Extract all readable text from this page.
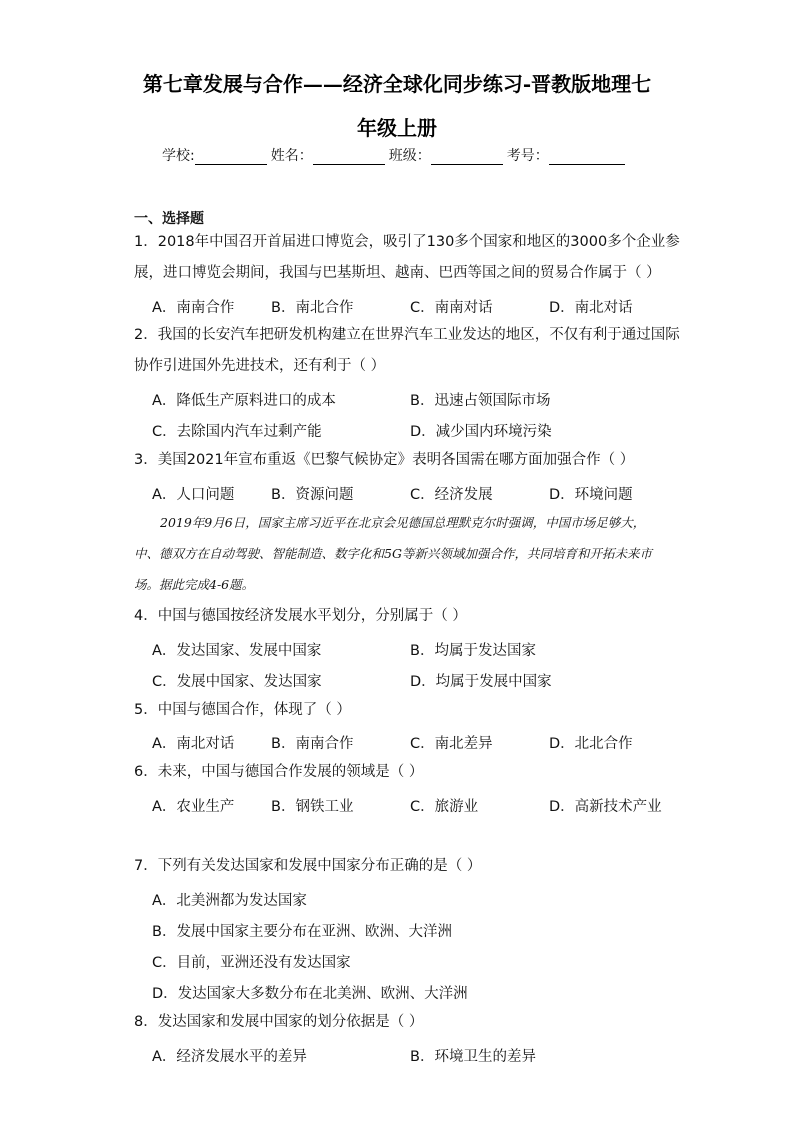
第七章发展与合作——经济全球化同步练习-晋教版地理七
年级上册
学校:	姓名：	班级：	考号：
一、选择题
1．2018年中国召开首届进口博览会，吸引了130多个国家和地区的3000多个企业参
展，进口博览会期间，我国与巴基斯坦、越南、巴西等国之间的贸易合作属于（ ）
A．南南合作	B．南北合作	C．南南对话	D．南北对话
2．我国的长安汽车把研发机构建立在世界汽车工业发达的地区，不仅有利于通过国际
协作引进国外先进技术，还有利于（ ）
A．降低生产原料进口的成本	B．迅速占领国际市场
C．去除国内汽车过剩产能	D．减少国内环境污染
3．美国2021年宣布重返《巴黎气候协定》表明各国需在哪方面加强合作（ ）
A．人口问题	B．资源问题	C．经济发展	D．环境问题
2019年9月6日，国家主席习近平在北京会见德国总理默克尔时强调，中国市场足够大，中、德双方在自动驾驶、智能制造、数字化和5G等新兴领域加强合作，共同培育和开拓未来市场。据此完成4-6题。
4．中国与德国按经济发展水平划分，分别属于（ ）
A．发达国家、发展中国家	B．均属于发达国家
C．发展中国家、发达国家	D．均属于发展中国家
5．中国与德国合作，体现了（ ）
A．南北对话	B．南南合作	C．南北差异	D．北北合作
6．未来，中国与德国合作发展的领域是（ ）
A．农业生产	B．钢铁工业	C．旅游业	D．高新技术产业
7．下列有关发达国家和发展中国家分布正确的是（ ）
A．北美洲都为发达国家
B．发展中国家主要分布在亚洲、欧洲、大洋洲
C．目前，亚洲还没有发达国家
D．发达国家大多数分布在北美洲、欧洲、大洋洲
8．发达国家和发展中国家的划分依据是（ ）
A．经济发展水平的差异	B．环境卫生的差异
